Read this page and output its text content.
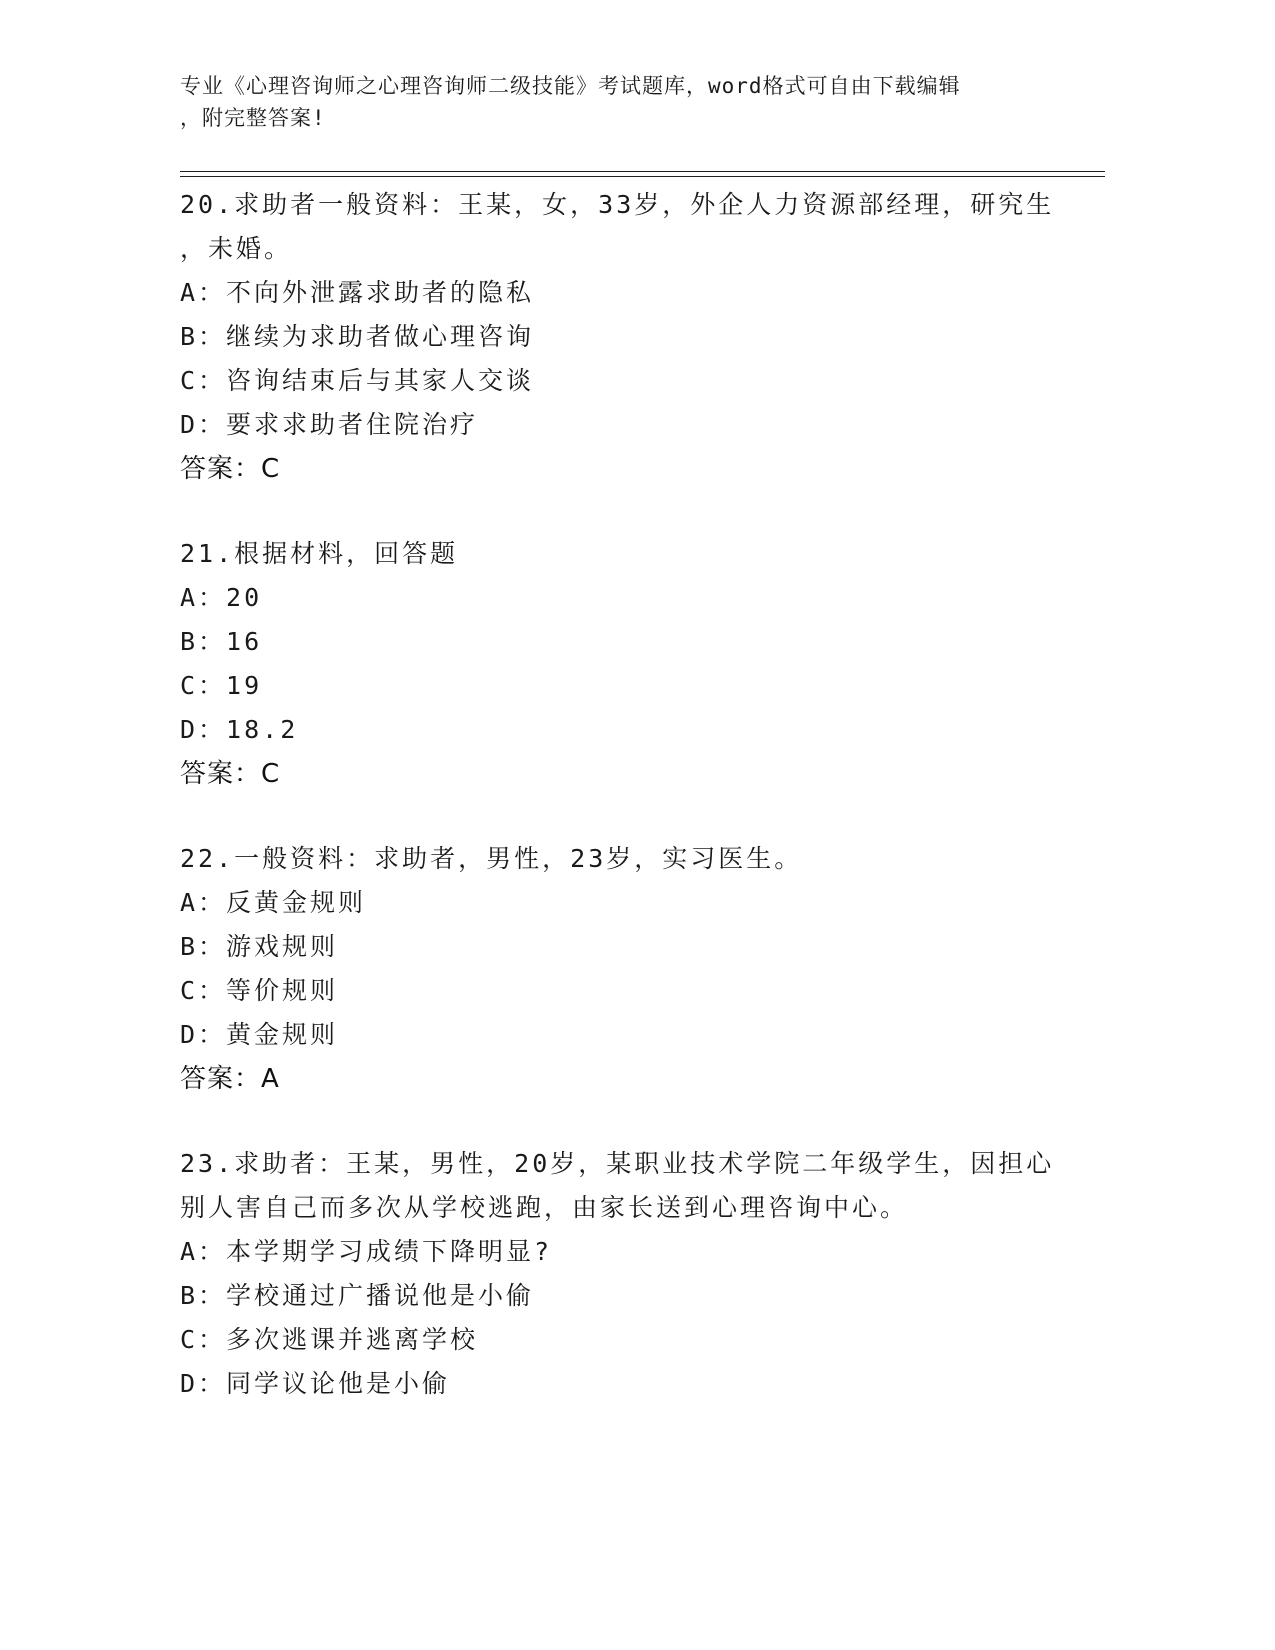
专业《心理咨询师之心理咨询师二级技能》考试题库，word格式可自由下载编辑
，附完整答案!
20.求助者一般资料：王某，女，33岁，外企人力资源部经理，研究生
，未婚。
A：不向外泄露求助者的隐私
B：继续为求助者做心理咨询
C：咨询结束后与其家人交谈
D：要求求助者住院治疗
答案：C
21.根据材料，回答题
A：20
B：16
C：19
D：18.2
答案：C
22.一般资料：求助者，男性，23岁，实习医生。
A：反黄金规则
B：游戏规则
C：等价规则
D：黄金规则
答案：A
23.求助者：王某，男性，20岁，某职业技术学院二年级学生，因担心
别人害自己而多次从学校逃跑，由家长送到心理咨询中心。
A：本学期学习成绩下降明显?
B：学校通过广播说他是小偷
C：多次逃课并逃离学校
D：同学议论他是小偷
